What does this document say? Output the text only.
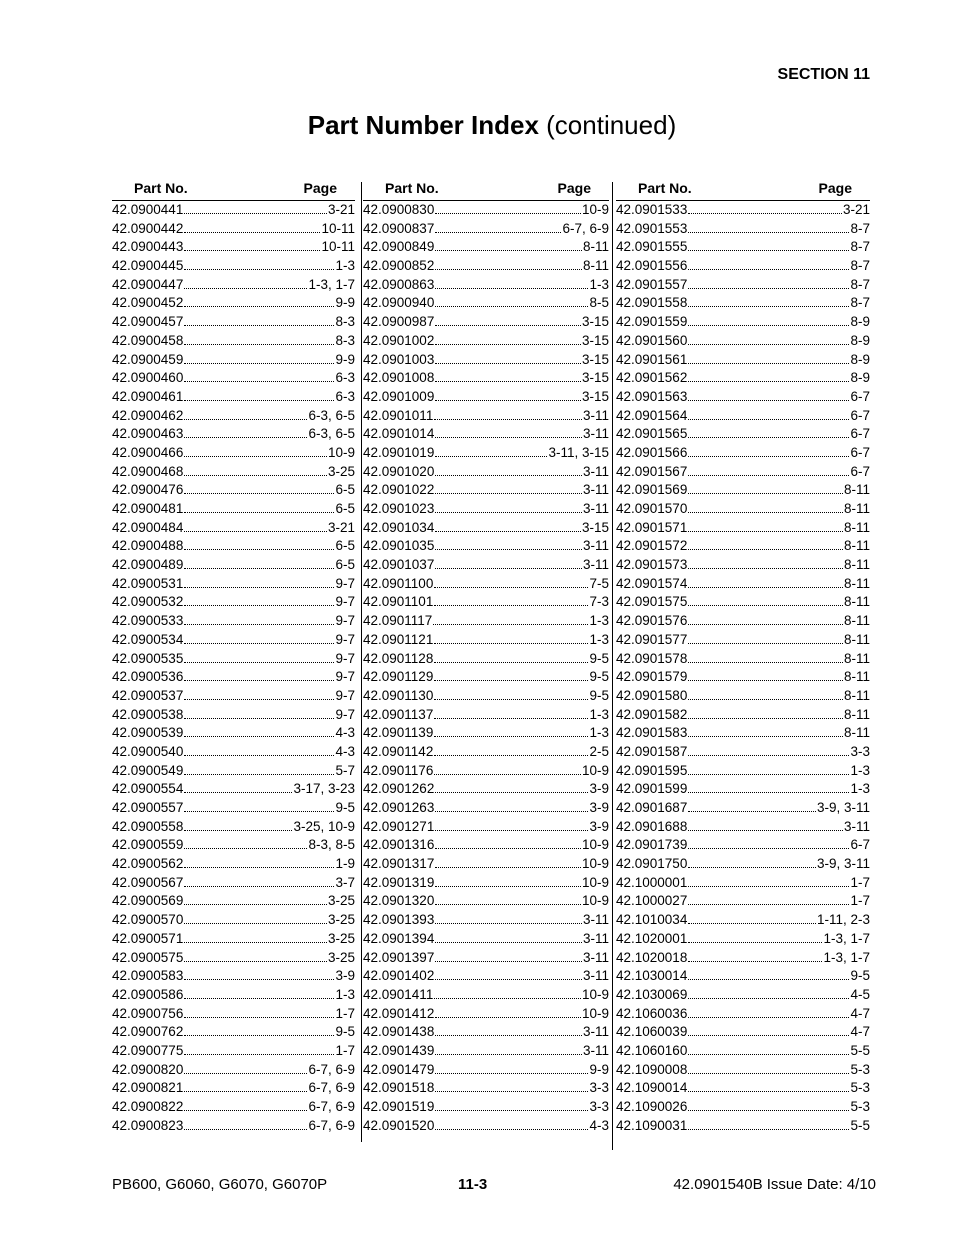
SECTION 11
Part Number Index (continued)
Part No.	Page
42.0900441	3-21
42.0900442	10-11
42.0900443	10-11
42.0900445	1-3
42.0900447	1-3, 1-7
42.0900452	9-9
42.0900457	8-3
42.0900458	8-3
42.0900459	9-9
42.0900460	6-3
42.0900461	6-3
42.0900462	6-3, 6-5
42.0900463	6-3, 6-5
42.0900466	10-9
42.0900468	3-25
42.0900476	6-5
42.0900481	6-5
42.0900484	3-21
42.0900488	6-5
42.0900489	6-5
42.0900531	9-7
42.0900532	9-7
42.0900533	9-7
42.0900534	9-7
42.0900535	9-7
42.0900536	9-7
42.0900537	9-7
42.0900538	9-7
42.0900539	4-3
42.0900540	4-3
42.0900549	5-7
42.0900554	3-17, 3-23
42.0900557	9-5
42.0900558	3-25, 10-9
42.0900559	8-3, 8-5
42.0900562	1-9
42.0900567	3-7
42.0900569	3-25
42.0900570	3-25
42.0900571	3-25
42.0900575	3-25
42.0900583	3-9
42.0900586	1-3
42.0900756	1-7
42.0900762	9-5
42.0900775	1-7
42.0900820	6-7, 6-9
42.0900821	6-7, 6-9
42.0900822	6-7, 6-9
42.0900823	6-7, 6-9
Part No.	Page
42.0900830	10-9
42.0900837	6-7, 6-9
42.0900849	8-11
42.0900852	8-11
42.0900863	1-3
42.0900940	8-5
42.0900987	3-15
42.0901002	3-15
42.0901003	3-15
42.0901008	3-15
42.0901009	3-15
42.0901011	3-11
42.0901014	3-11
42.0901019	3-11, 3-15
42.0901020	3-11
42.0901022	3-11
42.0901023	3-11
42.0901034	3-15
42.0901035	3-11
42.0901037	3-11
42.0901100	7-5
42.0901101	7-3
42.0901117	1-3
42.0901121	1-3
42.0901128	9-5
42.0901129	9-5
42.0901130	9-5
42.0901137	1-3
42.0901139	1-3
42.0901142	2-5
42.0901176	10-9
42.0901262	3-9
42.0901263	3-9
42.0901271	3-9
42.0901316	10-9
42.0901317	10-9
42.0901319	10-9
42.0901320	10-9
42.0901393	3-11
42.0901394	3-11
42.0901397	3-11
42.0901402	3-11
42.0901411	10-9
42.0901412	10-9
42.0901438	3-11
42.0901439	3-11
42.0901479	9-9
42.0901518	3-3
42.0901519	3-3
42.0901520	4-3
Part No.	Page
42.0901533	3-21
42.0901553	8-7
42.0901555	8-7
42.0901556	8-7
42.0901557	8-7
42.0901558	8-7
42.0901559	8-9
42.0901560	8-9
42.0901561	8-9
42.0901562	8-9
42.0901563	6-7
42.0901564	6-7
42.0901565	6-7
42.0901566	6-7
42.0901567	6-7
42.0901569	8-11
42.0901570	8-11
42.0901571	8-11
42.0901572	8-11
42.0901573	8-11
42.0901574	8-11
42.0901575	8-11
42.0901576	8-11
42.0901577	8-11
42.0901578	8-11
42.0901579	8-11
42.0901580	8-11
42.0901582	8-11
42.0901583	8-11
42.0901587	3-3
42.0901595	1-3
42.0901599	1-3
42.0901687	3-9, 3-11
42.0901688	3-11
42.0901739	6-7
42.0901750	3-9, 3-11
42.1000001	1-7
42.1000027	1-7
42.1010034	1-11, 2-3
42.1020001	1-3, 1-7
42.1020018	1-3, 1-7
42.1030014	9-5
42.1030069	4-5
42.1060036	4-7
42.1060039	4-7
42.1060160	5-5
42.1090008	5-3
42.1090014	5-3
42.1090026	5-3
42.1090031	5-5
PB600, G6060, G6070, G6070P	11-3	42.0901540B Issue Date: 4/10
